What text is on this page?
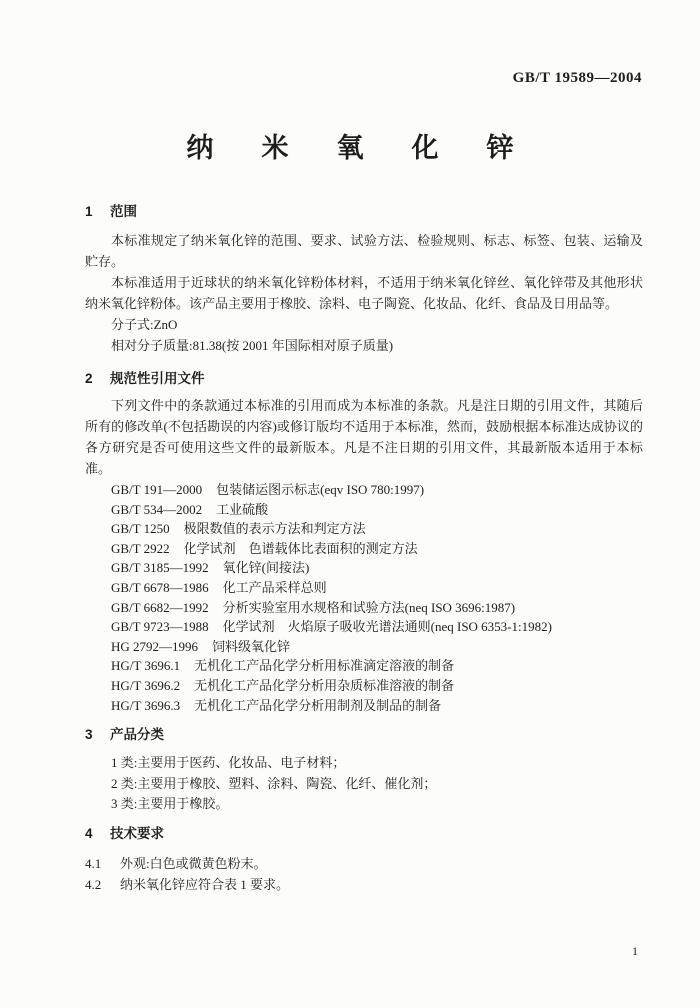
GB/T 19589—2004
纳米氧化锌
1 范围
本标准规定了纳米氧化锌的范围、要求、试验方法、检验规则、标志、标签、包装、运输及贮存。
本标准适用于近球状的纳米氧化锌粉体材料，不适用于纳米氧化锌丝、氧化锌带及其他形状纳米氧化锌粉体。该产品主要用于橡胶、涂料、电子陶瓷、化妆品、化纤、食品及日用品等。
分子式:ZnO
相对分子质量:81.38(按 2001 年国际相对原子质量)
2 规范性引用文件
下列文件中的条款通过本标准的引用而成为本标准的条款。凡是注日期的引用文件，其随后所有的修改单(不包括勘误的内容)或修订版均不适用于本标准，然而，鼓励根据本标准达成协议的各方研究是否可使用这些文件的最新版本。凡是不注日期的引用文件，其最新版本适用于本标准。
GB/T 191—2000 包装储运图示标志(eqv ISO 780:1997)
GB/T 534—2002 工业硫酸
GB/T 1250 极限数值的表示方法和判定方法
GB/T 2922 化学试剂　色谱载体比表面积的测定方法
GB/T 3185—1992 氧化锌(间接法)
GB/T 6678—1986 化工产品采样总则
GB/T 6682—1992 分析实验室用水规格和试验方法(neq ISO 3696:1987)
GB/T 9723—1988 化学试剂　火焰原子吸收光谱法通则(neq ISO 6353-1:1982)
HG 2792—1996 饲料级氧化锌
HG/T 3696.1 无机化工产品化学分析用标准滴定溶液的制备
HG/T 3696.2 无机化工产品化学分析用杂质标准溶液的制备
HG/T 3696.3 无机化工产品化学分析用制剂及制品的制备
3 产品分类
1 类:主要用于医药、化妆品、电子材料；
2 类:主要用于橡胶、塑料、涂料、陶瓷、化纤、催化剂；
3 类:主要用于橡胶。
4 技术要求
4.1 外观:白色或微黄色粉末。
4.2 纳米氧化锌应符合表 1 要求。
1
